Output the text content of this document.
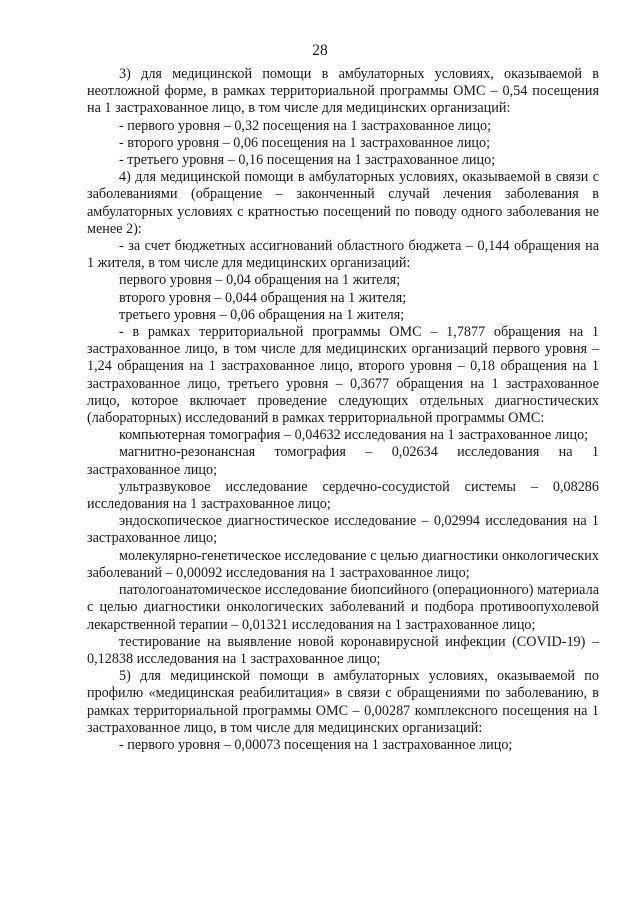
28

3) для медицинской помощи в амбулаторных условиях, оказываемой в неотложной форме, в рамках территориальной программы ОМС – 0,54 посещения на 1 застрахованное лицо, в том числе для медицинских организаций:

- первого уровня – 0,32 посещения на 1 застрахованное лицо;

- второго уровня – 0,06 посещения на 1 застрахованное лицо;

- третьего уровня – 0,16 посещения на 1 застрахованное лицо;

4) для медицинской помощи в амбулаторных условиях, оказываемой в связи с заболеваниями (обращение – законченный случай лечения заболевания в амбулаторных условиях с кратностью посещений по поводу одного заболевания не менее 2):

- за счет бюджетных ассигнований областного бюджета – 0,144 обращения на 1 жителя, в том числе для медицинских организаций:

первого уровня – 0,04 обращения на 1 жителя;

второго уровня – 0,044 обращения на 1 жителя;

третьего уровня – 0,06 обращения на 1 жителя;

- в рамках территориальной программы ОМС – 1,7877 обращения на 1 застрахованное лицо, в том числе для медицинских организаций первого уровня – 1,24 обращения на 1 застрахованное лицо, второго уровня – 0,18 обращения на 1 застрахованное лицо, третьего уровня – 0,3677 обращения на 1 застрахованное лицо, которое включает проведение следующих отдельных диагностических (лабораторных) исследований в рамках территориальной программы ОМС:

компьютерная томография – 0,04632 исследования на 1 застрахованное лицо;

магнитно-резонансная томография – 0,02634 исследования на 1 застрахованное лицо;

ультразвуковое исследование сердечно-сосудистой системы – 0,08286 исследования на 1 застрахованное лицо;

эндоскопическое диагностическое исследование – 0,02994 исследования на 1 застрахованное лицо;

молекулярно-генетическое исследование с целью диагностики онкологических заболеваний – 0,00092 исследования на 1 застрахованное лицо;

патологоанатомическое исследование биопсийного (операционного) материала с целью диагностики онкологических заболеваний и подбора противоопухолевой лекарственной терапии – 0,01321 исследования на 1 застрахованное лицо;

тестирование на выявление новой коронавирусной инфекции (COVID-19) – 0,12838 исследования на 1 застрахованное лицо;

5) для медицинской помощи в амбулаторных условиях, оказываемой по профилю «медицинская реабилитация» в связи с обращениями по заболеванию, в рамках территориальной программы ОМС – 0,00287 комплексного посещения на 1 застрахованное лицо, в том числе для медицинских организаций:

- первого уровня – 0,00073 посещения на 1 застрахованное лицо;
